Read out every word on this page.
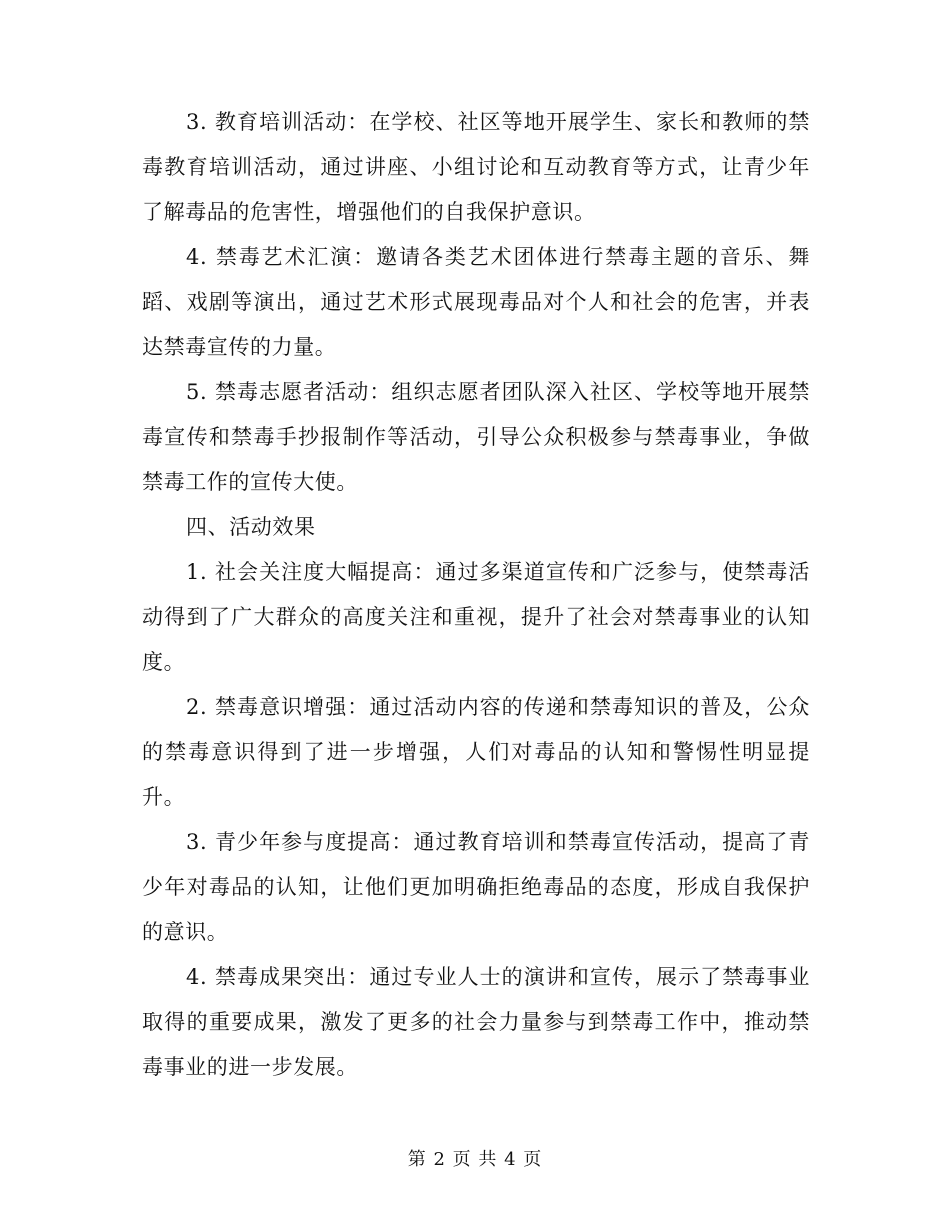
3. 教育培训活动：在学校、社区等地开展学生、家长和教师的禁毒教育培训活动，通过讲座、小组讨论和互动教育等方式，让青少年了解毒品的危害性，增强他们的自我保护意识。

4. 禁毒艺术汇演：邀请各类艺术团体进行禁毒主题的音乐、舞蹈、戏剧等演出，通过艺术形式展现毒品对个人和社会的危害，并表达禁毒宣传的力量。

5. 禁毒志愿者活动：组织志愿者团队深入社区、学校等地开展禁毒宣传和禁毒手抄报制作等活动，引导公众积极参与禁毒事业，争做禁毒工作的宣传大使。

四、活动效果

1. 社会关注度大幅提高：通过多渠道宣传和广泛参与，使禁毒活动得到了广大群众的高度关注和重视，提升了社会对禁毒事业的认知度。

2. 禁毒意识增强：通过活动内容的传递和禁毒知识的普及，公众的禁毒意识得到了进一步增强，人们对毒品的认知和警惕性明显提升。

3. 青少年参与度提高：通过教育培训和禁毒宣传活动，提高了青少年对毒品的认知，让他们更加明确拒绝毒品的态度，形成自我保护的意识。

4. 禁毒成果突出：通过专业人士的演讲和宣传，展示了禁毒事业取得的重要成果，激发了更多的社会力量参与到禁毒工作中，推动禁毒事业的进一步发展。

第 2 页 共 4 页
